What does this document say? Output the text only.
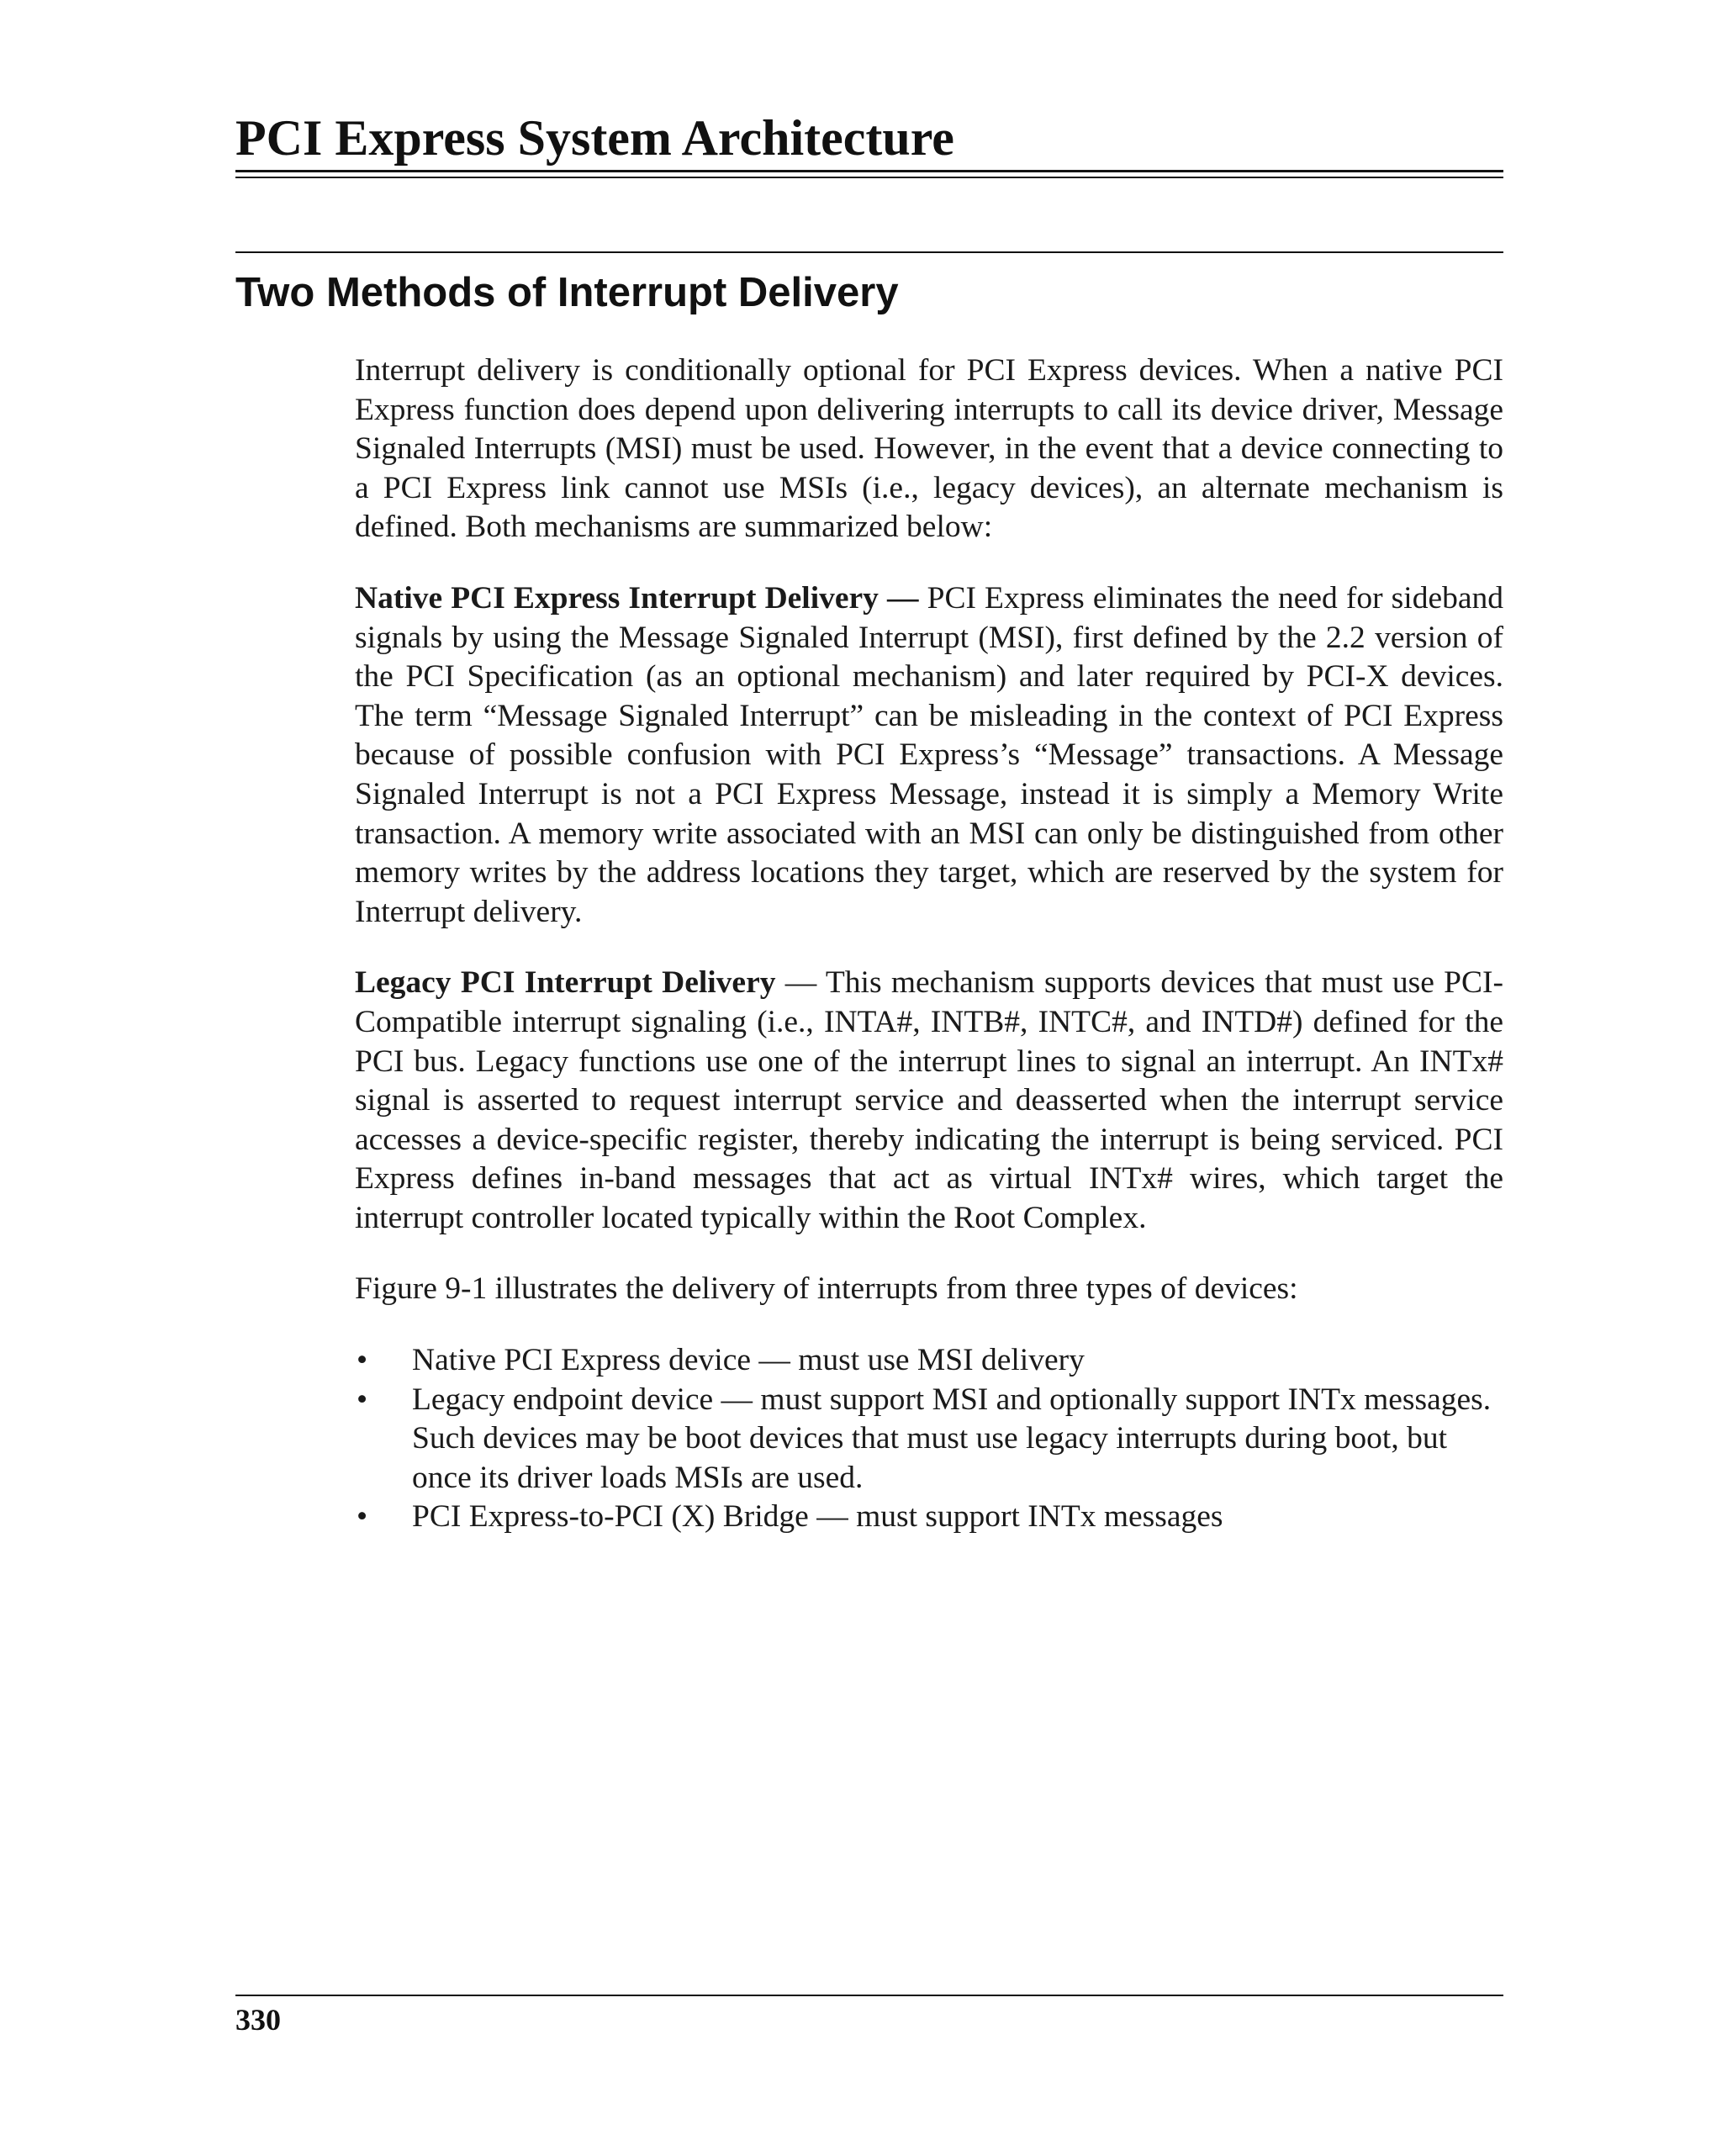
PCI Express System Architecture
Two Methods of Interrupt Delivery

Interrupt delivery is conditionally optional for PCI Express devices. When a native PCI Express function does depend upon delivering interrupts to call its device driver, Message Signaled Interrupts (MSI) must be used. However, in the event that a device connecting to a PCI Express link cannot use MSIs (i.e., legacy devices), an alternate mechanism is defined. Both mechanisms are summarized below:

Native PCI Express Interrupt Delivery — PCI Express eliminates the need for sideband signals by using the Message Signaled Interrupt (MSI), first defined by the 2.2 version of the PCI Specification (as an optional mechanism) and later required by PCI-X devices. The term “Message Signaled Interrupt” can be misleading in the context of PCI Express because of possible confusion with PCI Express’s “Message” transactions. A Message Signaled Interrupt is not a PCI Express Message, instead it is simply a Memory Write transaction. A memory write associated with an MSI can only be distinguished from other memory writes by the address locations they target, which are reserved by the system for Interrupt delivery.

Legacy PCI Interrupt Delivery — This mechanism supports devices that must use PCI-Compatible interrupt signaling (i.e., INTA#, INTB#, INTC#, and INTD#) defined for the PCI bus. Legacy functions use one of the interrupt lines to signal an interrupt. An INTx# signal is asserted to request interrupt service and deasserted when the interrupt service accesses a device-specific register, thereby indicating the interrupt is being serviced. PCI Express defines in-band messages that act as virtual INTx# wires, which target the interrupt controller located typically within the Root Complex.

Figure 9-1 illustrates the delivery of interrupts from three types of devices:

• Native PCI Express device — must use MSI delivery
• Legacy endpoint device — must support MSI and optionally support INTx messages. Such devices may be boot devices that must use legacy interrupts during boot, but once its driver loads MSIs are used.
• PCI Express-to-PCI (X) Bridge — must support INTx messages
330
